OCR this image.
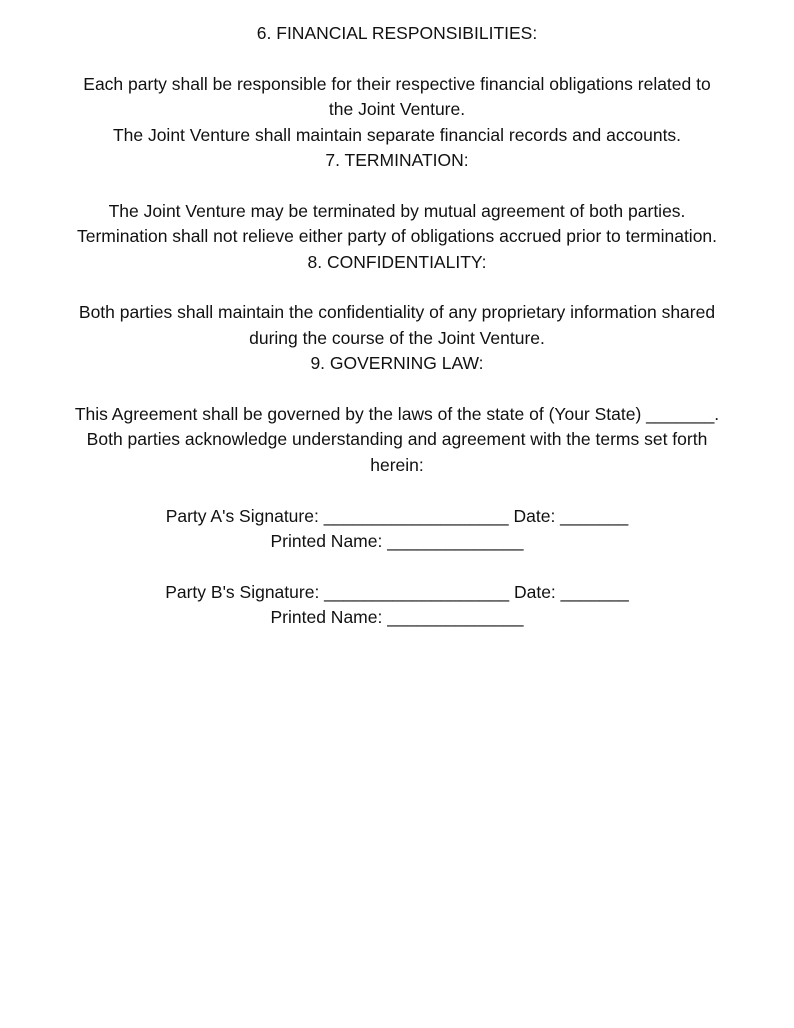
6. FINANCIAL RESPONSIBILITIES:
Each party shall be responsible for their respective financial obligations related to
the Joint Venture.
The Joint Venture shall maintain separate financial records and accounts.
7. TERMINATION:
The Joint Venture may be terminated by mutual agreement of both parties.
Termination shall not relieve either party of obligations accrued prior to termination.
8. CONFIDENTIALITY:
Both parties shall maintain the confidentiality of any proprietary information shared
during the course of the Joint Venture.
9. GOVERNING LAW:
This Agreement shall be governed by the laws of the state of (Your State) _______.
Both parties acknowledge understanding and agreement with the terms set forth
herein:
Party A's Signature: ___________________ Date: _______
Printed Name: ______________
Party B's Signature: ___________________ Date: _______
Printed Name: ______________
